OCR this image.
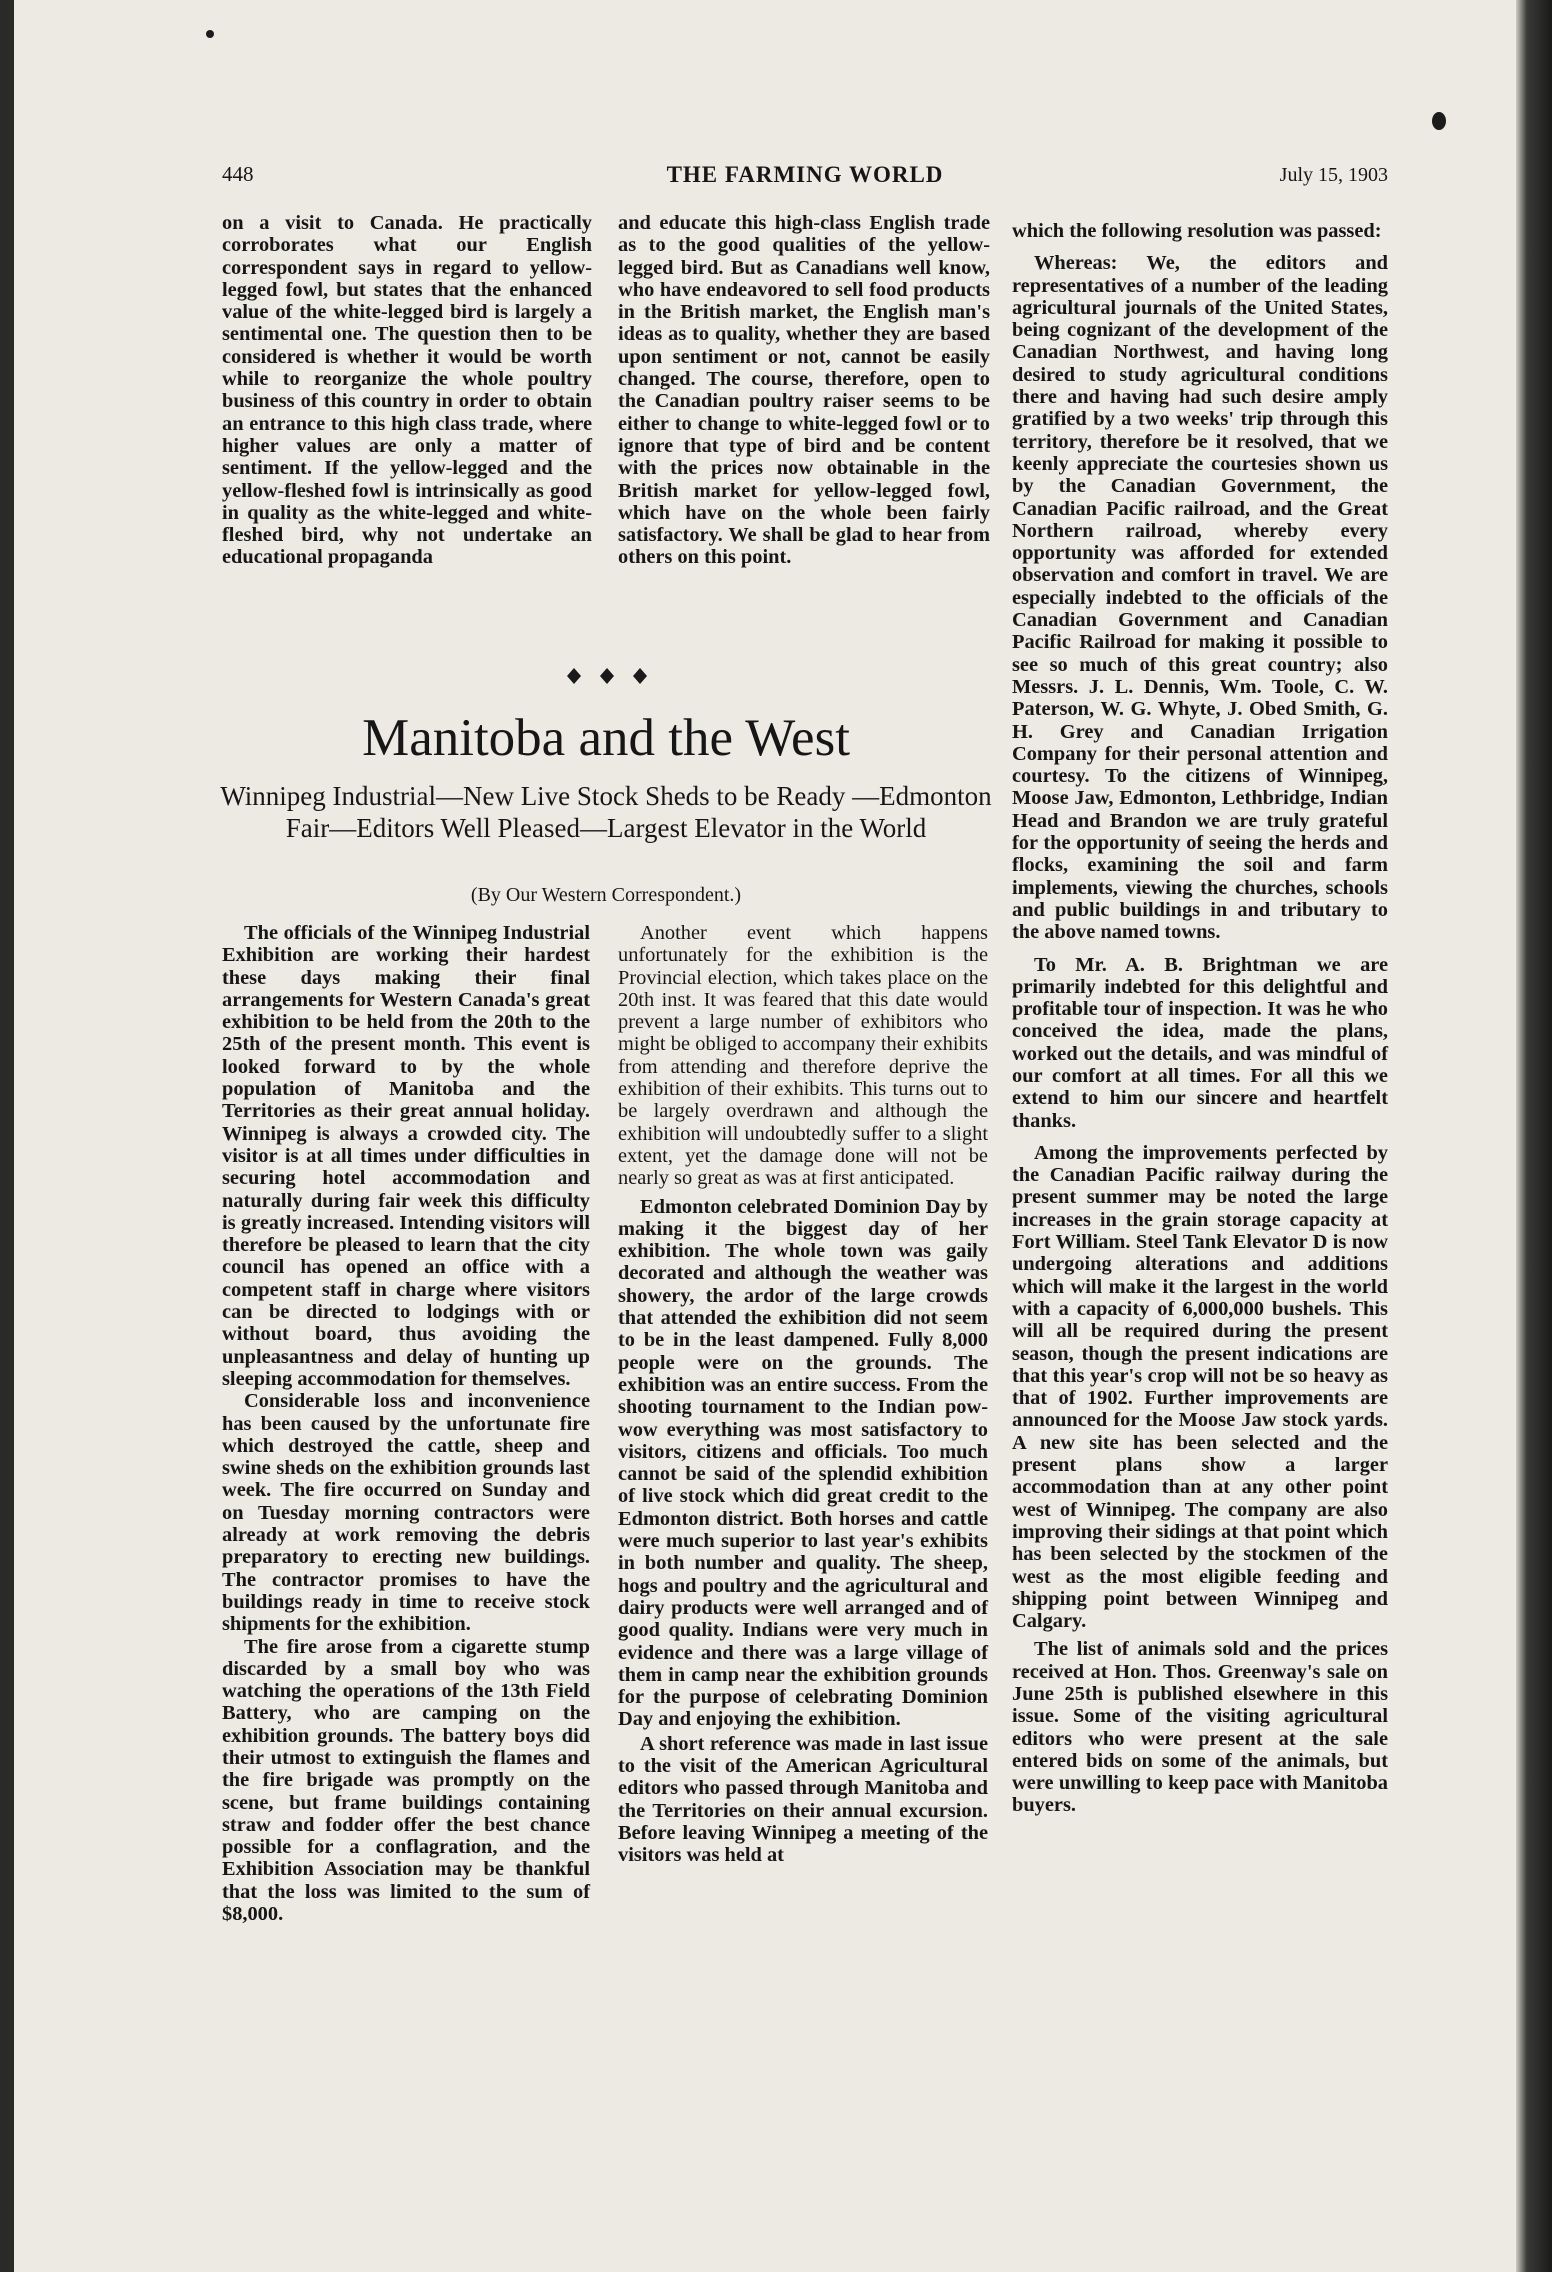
448	THE FARMING WORLD	July 15, 1903

on a visit to Canada. He practically corroborates what our English correspondent says in regard to yellow-legged fowl, but states that the enhanced value of the white-legged bird is largely a sentimental one. The question then to be considered is whether it would be worth while to reorganize the whole poultry business of this country in order to obtain an entrance to this high class trade, where higher values are only a matter of sentiment. If the yellow-legged and the yellow-fleshed fowl is intrinsically as good in quality as the white-legged and white-fleshed bird, why not undertake an educational propaganda

and educate this high-class English trade as to the good qualities of the yellow-legged bird. But as Canadians well know, who have endeavored to sell food products in the British market, the English man's ideas as to quality, whether they are based upon sentiment or not, cannot be easily changed. The course, therefore, open to the Canadian poultry raiser seems to be either to change to white-legged fowl or to ignore that type of bird and be content with the prices now obtainable in the British market for yellow-legged fowl, which have on the whole been fairly satisfactory. We shall be glad to hear from others on this point.

Manitoba and the West
Winnipeg Industrial—New Live Stock Sheds to be Ready —Edmonton Fair—Editors Well Pleased—Largest Elevator in the World
(By Our Western Correspondent.)

The officials of the Winnipeg Industrial Exhibition are working their hardest these days making their final arrangements for Western Canada's great exhibition to be held from the 20th to the 25th of the present month. This event is looked forward to by the whole population of Manitoba and the Territories as their great annual holiday. Winnipeg is always a crowded city. The visitor is at all times under difficulties in securing hotel accommodation and naturally during fair week this difficulty is greatly increased. Intending visitors will therefore be pleased to learn that the city council has opened an office with a competent staff in charge where visitors can be directed to lodgings with or without board, thus avoiding the unpleasantness and delay of hunting up sleeping accommodation for themselves.

Considerable loss and inconvenience has been caused by the unfortunate fire which destroyed the cattle, sheep and swine sheds on the exhibition grounds last week. The fire occurred on Sunday and on Tuesday morning contractors were already at work removing the debris preparatory to erecting new buildings. The contractor promises to have the buildings ready in time to receive stock shipments for the exhibition.

The fire arose from a cigarette stump discarded by a small boy who was watching the operations of the 13th Field Battery, who are camping on the exhibition grounds. The battery boys did their utmost to extinguish the flames and the fire brigade was promptly on the scene, but frame buildings containing straw and fodder offer the best chance possible for a conflagration, and the Exhibition Association may be thankful that the loss was limited to the sum of $8,000.

Another event which happens unfortunately for the exhibition is the Provincial election, which takes place on the 20th inst. It was feared that this date would prevent a large number of exhibitors who might be obliged to accompany their exhibits from attending and therefore deprive the exhibition of their exhibits. This turns out to be largely overdrawn and although the exhibition will undoubtedly suffer to a slight extent, yet the damage done will not be nearly so great as was at first anticipated.

Edmonton celebrated Dominion Day by making it the biggest day of her exhibition. The whole town was gaily decorated and although the weather was showery, the ardor of the large crowds that attended the exhibition did not seem to be in the least dampened. Fully 8,000 people were on the grounds. The exhibition was an entire success. From the shooting tournament to the Indian pow-wow everything was most satisfactory to visitors, citizens and officials. Too much cannot be said of the splendid exhibition of live stock which did great credit to the Edmonton district. Both horses and cattle were much superior to last year's exhibits in both number and quality. The sheep, hogs and poultry and the agricultural and dairy products were well arranged and of good quality. Indians were very much in evidence and there was a large village of them in camp near the exhibition grounds for the purpose of celebrating Dominion Day and enjoying the exhibition.

A short reference was made in last issue to the visit of the American Agricultural editors who passed through Manitoba and the Territories on their annual excursion. Before leaving Winnipeg a meeting of the visitors was held at

which the following resolution was passed:

Whereas: We, the editors and representatives of a number of the leading agricultural journals of the United States, being cognizant of the development of the Canadian Northwest, and having long desired to study agricultural conditions there and having had such desire amply gratified by a two weeks' trip through this territory, therefore be it resolved, that we keenly appreciate the courtesies shown us by the Canadian Government, the Canadian Pacific railroad, and the Great Northern railroad, whereby every opportunity was afforded for extended observation and comfort in travel. We are especially indebted to the officials of the Canadian Government and Canadian Pacific Railroad for making it possible to see so much of this great country; also Messrs. J. L. Dennis, Wm. Toole, C. W. Paterson, W. G. Whyte, J. Obed Smith, G. H. Grey and Canadian Irrigation Company for their personal attention and courtesy. To the citizens of Winnipeg, Moose Jaw, Edmonton, Lethbridge, Indian Head and Brandon we are truly grateful for the opportunity of seeing the herds and flocks, examining the soil and farm implements, viewing the churches, schools and public buildings in and tributary to the above named towns.

To Mr. A. B. Brightman we are primarily indebted for this delightful and profitable tour of inspection. It was he who conceived the idea, made the plans, worked out the details, and was mindful of our comfort at all times. For all this we extend to him our sincere and heartfelt thanks.

Among the improvements perfected by the Canadian Pacific railway during the present summer may be noted the large increases in the grain storage capacity at Fort William. Steel Tank Elevator D is now undergoing alterations and additions which will make it the largest in the world with a capacity of 6,000,000 bushels. This will all be required during the present season, though the present indications are that this year's crop will not be so heavy as that of 1902. Further improvements are announced for the Moose Jaw stock yards. A new site has been selected and the present plans show a larger accommodation than at any other point west of Winnipeg. The company are also improving their sidings at that point which has been selected by the stockmen of the west as the most eligible feeding and shipping point between Winnipeg and Calgary.

The list of animals sold and the prices received at Hon. Thos. Greenway's sale on June 25th is published elsewhere in this issue. Some of the visiting agricultural editors who were present at the sale entered bids on some of the animals, but were unwilling to keep pace with Manitoba buyers.
